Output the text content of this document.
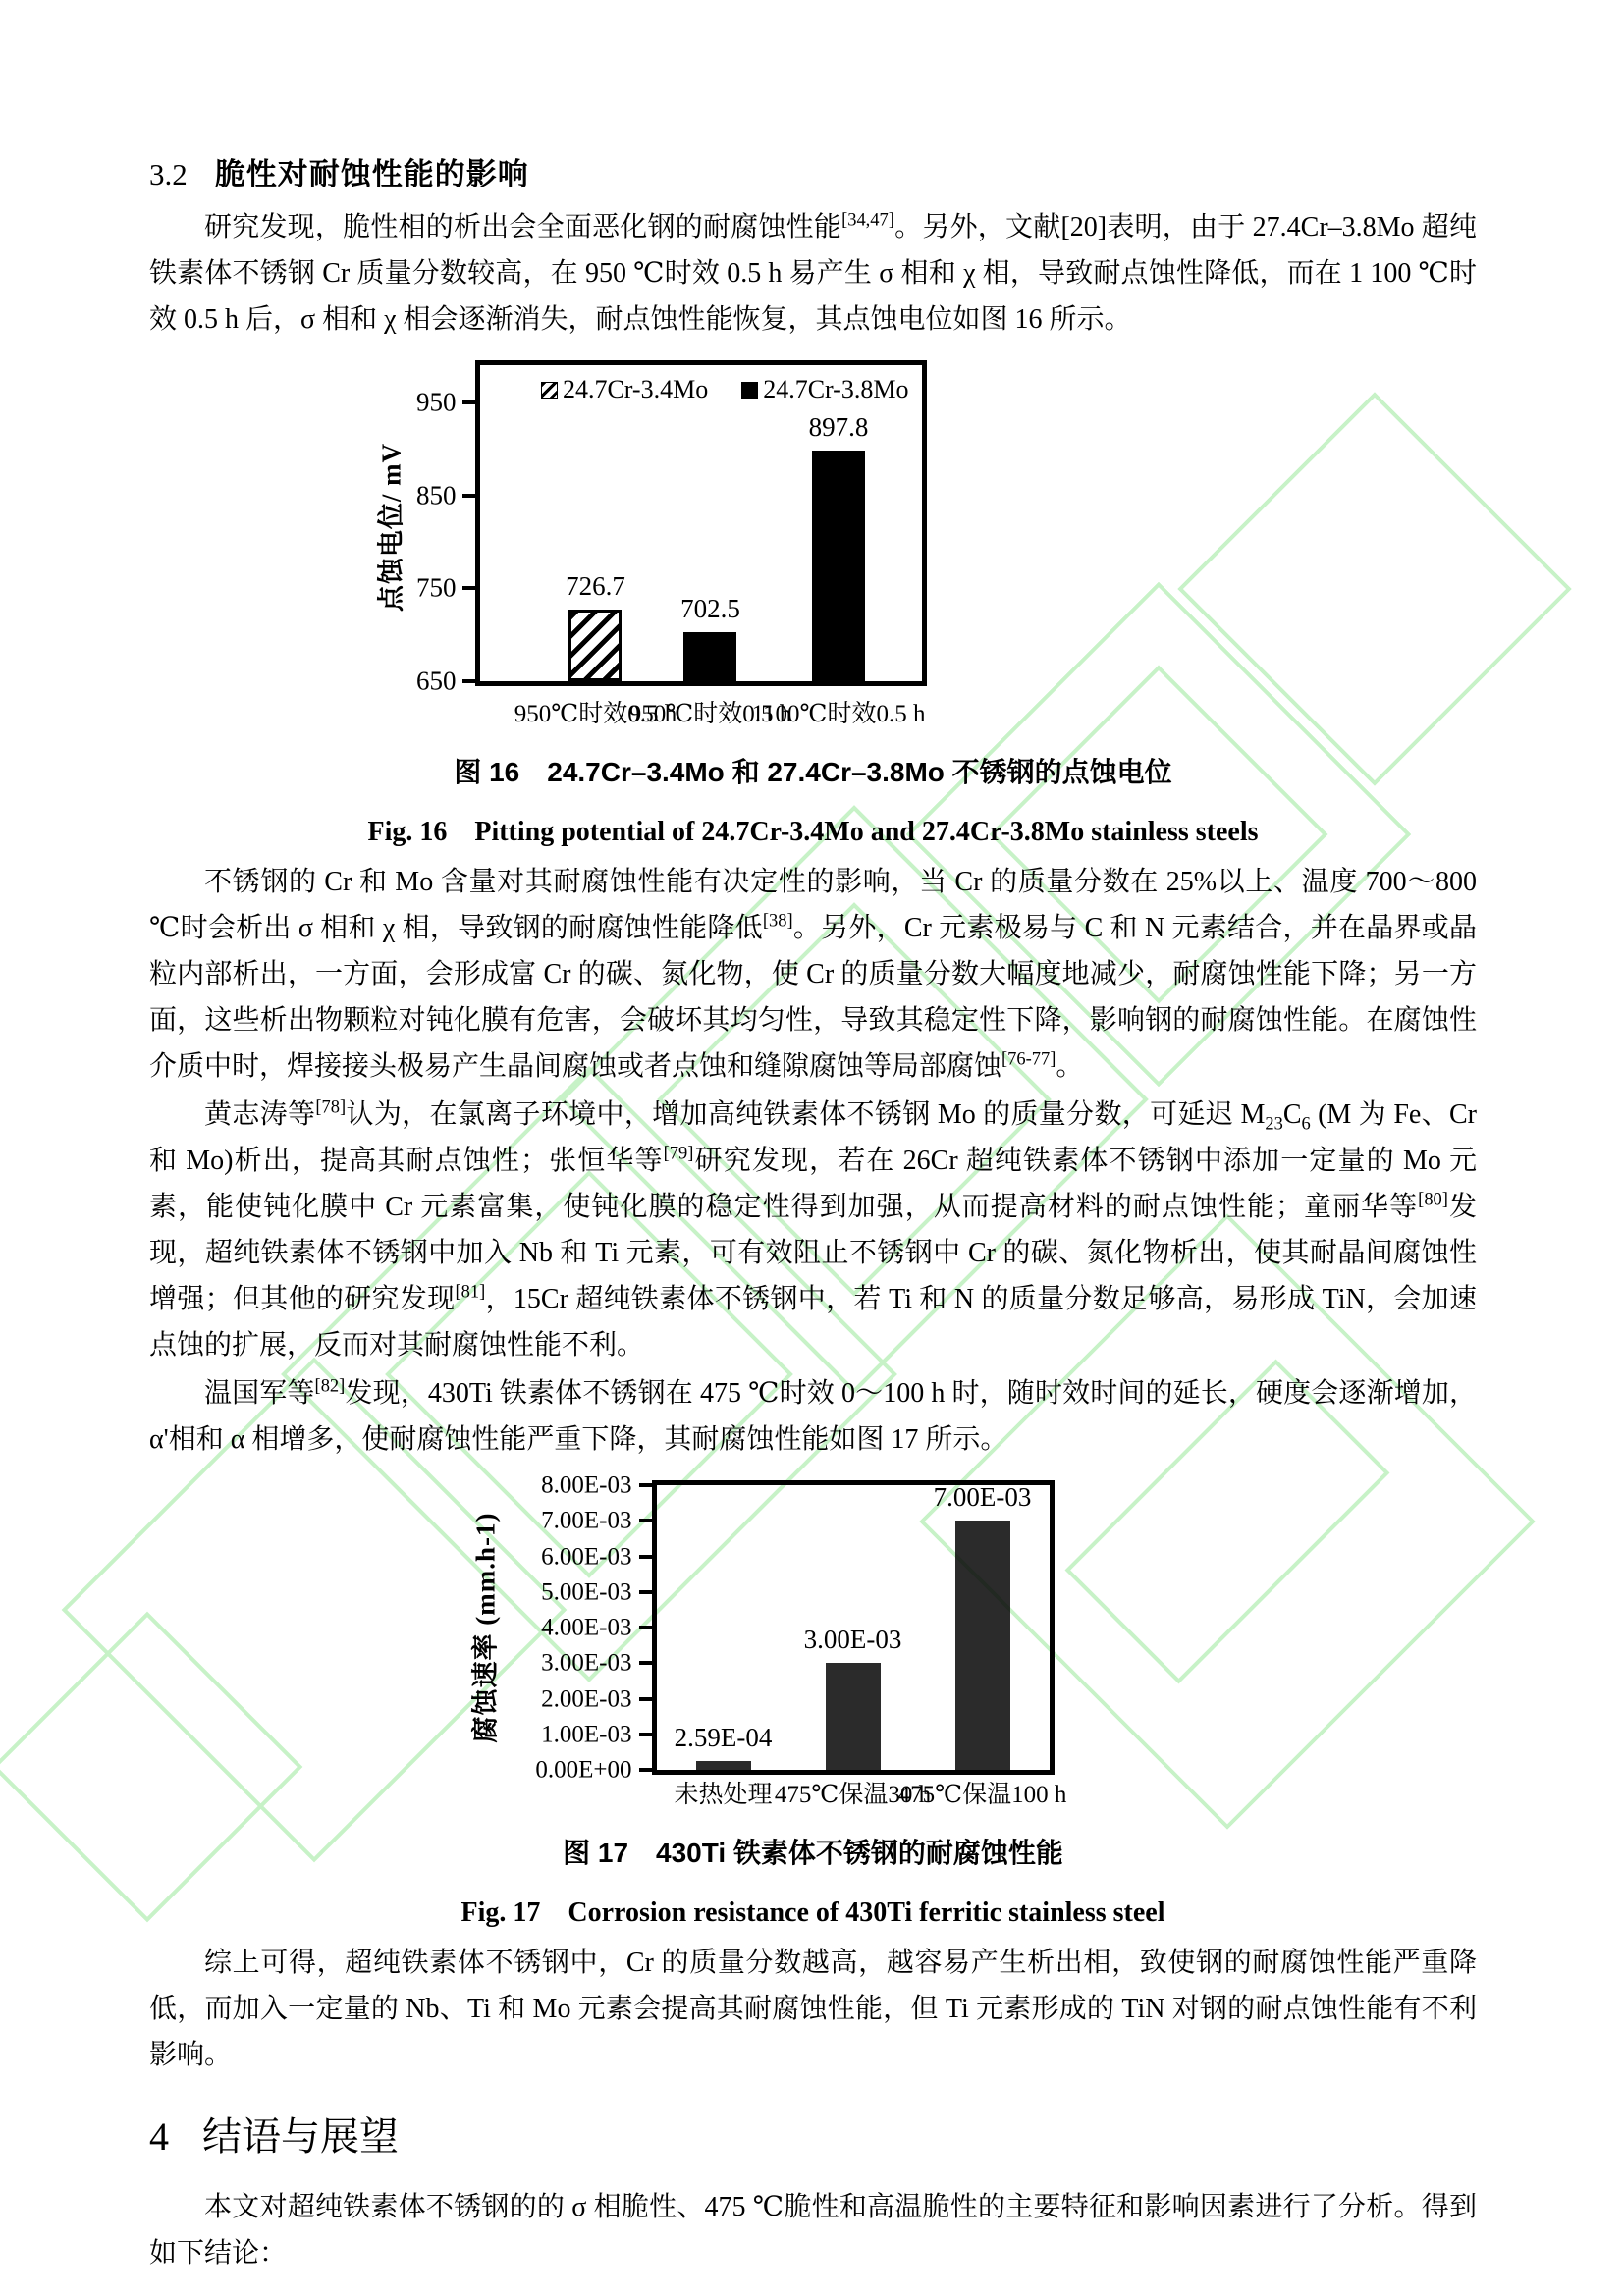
3.2 脆性对耐蚀性能的影响

研究发现，脆性相的析出会全面恶化钢的耐腐蚀性能[34,47]。另外，文献[20]表明，由于 27.4Cr–3.8Mo 超纯铁素体不锈钢 Cr 质量分数较高，在 950 ℃时效 0.5 h 易产生 σ 相和 χ 相，导致耐点蚀性降低，而在 1 100 ℃时效 0.5 h 后，σ 相和 χ 相会逐渐消失，耐点蚀性能恢复，其点蚀电位如图 16 所示。

点蚀电位/ mV
650
750
850
950	24.7Cr-3.4Mo 24.7Cr-3.8Mo
726.7
702.5
897.8
950℃时效0.5 h
950℃时效0.5 h
1100℃时效0.5 h
图 16　24.7Cr–3.4Mo 和 27.4Cr–3.8Mo 不锈钢的点蚀电位
Fig. 16　Pitting potential of 24.7Cr-3.4Mo and 27.4Cr-3.8Mo stainless steels

不锈钢的 Cr 和 Mo 含量对其耐腐蚀性能有决定性的影响，当 Cr 的质量分数在 25%以上、温度 700～800 ℃时会析出 σ 相和 χ 相，导致钢的耐腐蚀性能降低[38]。另外，Cr 元素极易与 C 和 N 元素结合，并在晶界或晶粒内部析出，一方面，会形成富 Cr 的碳、氮化物，使 Cr 的质量分数大幅度地减少，耐腐蚀性能下降；另一方面，这些析出物颗粒对钝化膜有危害，会破坏其均匀性，导致其稳定性下降，影响钢的耐腐蚀性能。在腐蚀性介质中时，焊接接头极易产生晶间腐蚀或者点蚀和缝隙腐蚀等局部腐蚀[76-77]。

黄志涛等[78]认为，在氯离子环境中，增加高纯铁素体不锈钢 Mo 的质量分数，可延迟 $M_{23}C_6$ (M 为 Fe、Cr 和 Mo)析出，提高其耐点蚀性；张恒华等[79]研究发现，若在 26Cr 超纯铁素体不锈钢中添加一定量的 Mo 元素，能使钝化膜中 Cr 元素富集，使钝化膜的稳定性得到加强，从而提高材料的耐点蚀性能；童丽华等[80]发现，超纯铁素体不锈钢中加入 Nb 和 Ti 元素，可有效阻止不锈钢中 Cr 的碳、氮化物析出，使其耐晶间腐蚀性增强；但其他的研究发现[81]，15Cr 超纯铁素体不锈钢中，若 Ti 和 N 的质量分数足够高，易形成 TiN，会加速点蚀的扩展，反而对其耐腐蚀性能不利。

温国军等[82]发现，430Ti 铁素体不锈钢在 475 ℃时效 0～100 h 时，随时效时间的延长，硬度会逐渐增加，α'相和 α 相增多，使耐腐蚀性能严重下降，其耐腐蚀性能如图 17 所示。

腐蚀速率 (mm.h-1)
0.00E+00
1.00E-03
2.00E-03
3.00E-03
4.00E-03
5.00E-03
6.00E-03
7.00E-03
8.00E-03
2.59E-04
3.00E-03
7.00E-03
未热处理 475℃保温30 h
475℃保温100 h
图 17　430Ti 铁素体不锈钢的耐腐蚀性能
Fig. 17　Corrosion resistance of 430Ti ferritic stainless steel

综上可得，超纯铁素体不锈钢中，Cr 的质量分数越高，越容易产生析出相，致使钢的耐腐蚀性能严重降低，而加入一定量的 Nb、Ti 和 Mo 元素会提高其耐腐蚀性能，但 Ti 元素形成的 TiN 对钢的耐点蚀性能有不利影响。

4 结语与展望

本文对超纯铁素体不锈钢的的 σ 相脆性、475 ℃脆性和高温脆性的主要特征和影响因素进行了分析。得到如下结论：
